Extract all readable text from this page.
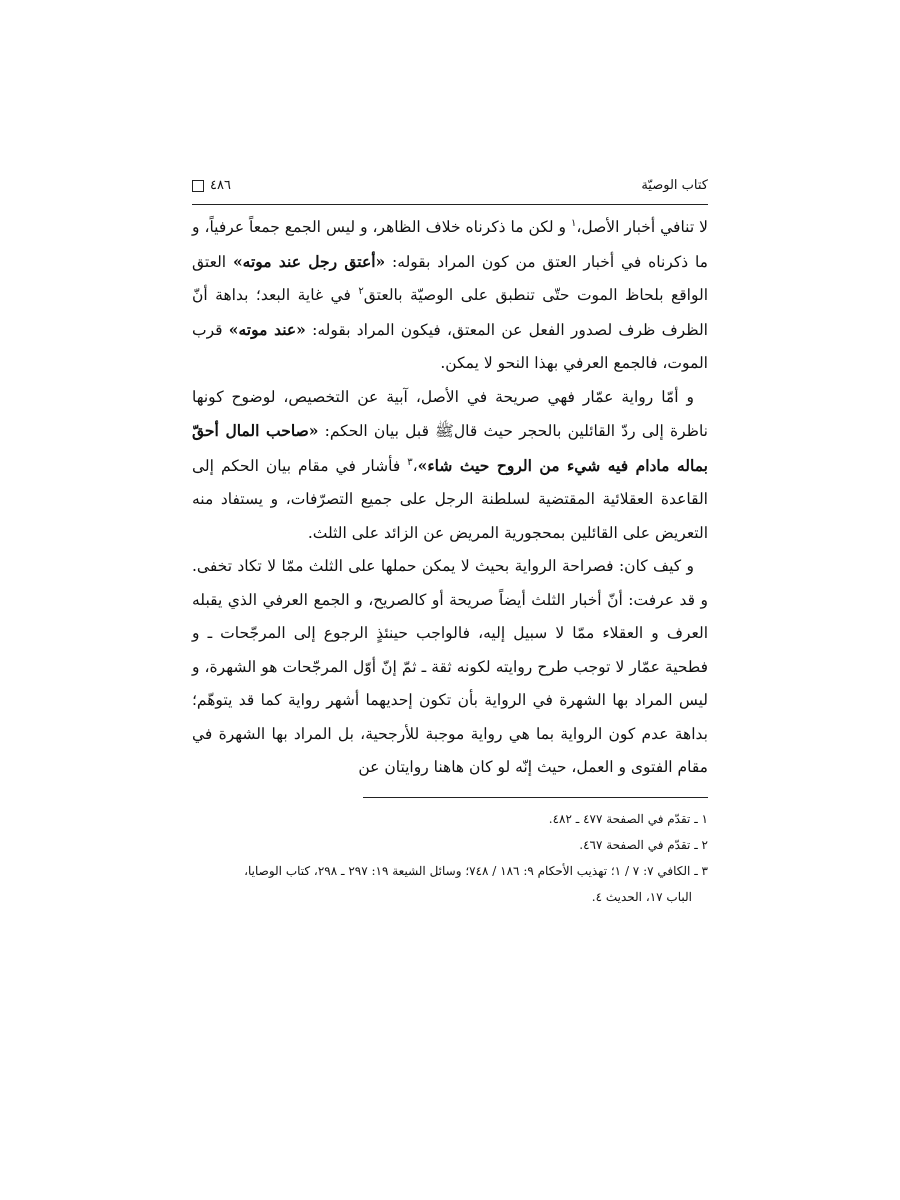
كتاب الوصيّة
٤٨٦

لا تنافي أخبار الأصل،$^١$ و لكن ما ذكرناه خلاف الظاهر، و ليس الجمع جمعاً عرفياً، و ما ذكرناه في أخبار العتق من كون المراد بقوله: «أعتق رجل عند موته» العتق الواقع بلحاظ الموت حتّى تنطبق على الوصيّة بالعتق$^٢$ في غاية البعد؛ بداهة أنّ الظرف ظرف لصدور الفعل عن المعتق، فيكون المراد بقوله: «عند موته» قرب الموت، فالجمع العرفي بهذا النحو لا يمكن.

و أمّا رواية عمّار فهي صريحة في الأصل، آبية عن التخصيص، لوضوح كونها ناظرة إلى ردّ القائلين بالحجر حيث قالﷺ قبل بيان الحكم: «صاحب المال أحقّ بماله مادام فيه شيء من الروح حيث شاء»،$^٣$ فأشار في مقام بيان الحكم إلى القاعدة العقلائية المقتضية لسلطنة الرجل على جميع التصرّفات، و يستفاد منه التعريض على القائلين بمحجورية المريض عن الزائد على الثلث.

و كيف كان: فصراحة الرواية بحيث لا يمكن حملها على الثلث ممّا لا تكاد تخفى. و قد عرفت: أنّ أخبار الثلث أيضاً صريحة أو كالصريح، و الجمع العرفي الذي يقبله العرف و العقلاء ممّا لا سبيل إليه، فالواجب حينئذٍ الرجوع إلى المرجّحات ـ و فطحية عمّار لا توجب طرح روايته لكونه ثقة ـ ثمّ إنّ أوّل المرجّحات هو الشهرة، و ليس المراد بها الشهرة في الرواية بأن تكون إحديهما أشهر رواية كما قد يتوهّم؛ بداهة عدم كون الرواية بما هي رواية موجبة للأرجحية، بل المراد بها الشهرة في مقام الفتوى و العمل، حيث إنّه لو كان هاهنا روايتان عن

١ ـ تقدّم في الصفحة ٤٧٧ ـ ٤٨٢.

٢ ـ تقدّم في الصفحة ٤٦٧.

٣ ـ الكافي ٧: ٧ / ١؛ تهذيب الأحكام ٩: ١٨٦ / ٧٤٨؛ وسائل الشيعة ١٩: ٢٩٧ ـ ٢٩٨، كتاب الوصايا،

الباب ١٧، الحديث ٤.
